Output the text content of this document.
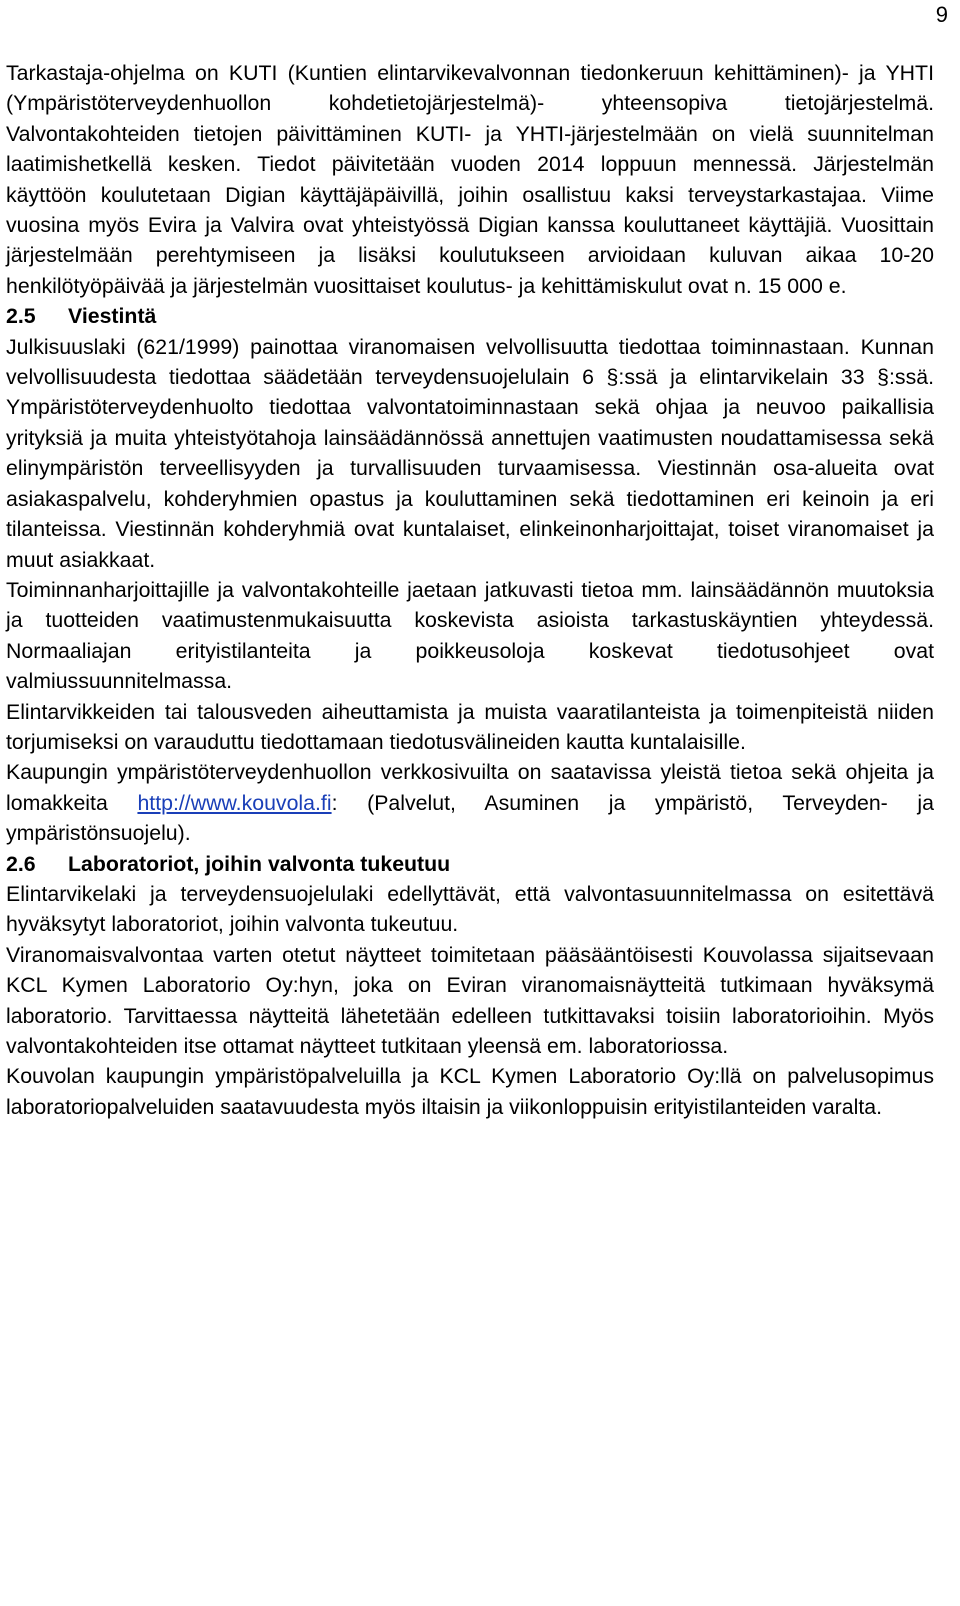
9

Tarkastaja-ohjelma on KUTI (Kuntien elintarvikevalvonnan tiedonkeruun kehittäminen)- ja YHTI (Ympäristöterveydenhuollon kohdetietojärjestelmä)- yhteensopiva tietojärjestelmä. Valvontakohteiden tietojen päivittäminen KUTI- ja YHTI-järjestelmään on vielä suunnitelman laatimishetkellä kesken. Tiedot päivitetään vuoden 2014 loppuun mennessä. Järjestelmän käyttöön koulutetaan Digian käyttäjäpäivillä, joihin osallistuu kaksi terveystarkastajaa. Viime vuosina myös Evira ja Valvira ovat yhteistyössä Digian kanssa kouluttaneet käyttäjiä. Vuosittain järjestelmään perehtymiseen ja lisäksi koulutukseen arvioidaan kuluvan aikaa 10-20 henkilötyöpäivää ja järjestelmän vuosittaiset koulutus- ja kehittämiskulut ovat n. 15 000 e.

2.5 Viestintä

Julkisuuslaki (621/1999) painottaa viranomaisen velvollisuutta tiedottaa toiminnastaan. Kunnan velvollisuudesta tiedottaa säädetään terveydensuojelulain 6 §:ssä ja elintarvikelain 33 §:ssä. Ympäristöterveydenhuolto tiedottaa valvontatoiminnastaan sekä ohjaa ja neuvoo paikallisia yrityksiä ja muita yhteistyötahoja lainsäädännössä annettujen vaatimusten noudattamisessa sekä elinympäristön terveellisyyden ja turvallisuuden turvaamisessa. Viestinnän osa-alueita ovat asiakaspalvelu, kohderyhmien opastus ja kouluttaminen sekä tiedottaminen eri keinoin ja eri tilanteissa. Viestinnän kohderyhmiä ovat kuntalaiset, elinkeinonharjoittajat, toiset viranomaiset ja muut asiakkaat.

Toiminnanharjoittajille ja valvontakohteille jaetaan jatkuvasti tietoa mm. lainsäädännön muutoksia ja tuotteiden vaatimustenmukaisuutta koskevista asioista tarkastuskäyntien yhteydessä. Normaaliajan erityistilanteita ja poikkeusoloja koskevat tiedotusohjeet ovat valmiussuunnitelmassa.

Elintarvikkeiden tai talousveden aiheuttamista ja muista vaaratilanteista ja toimenpiteistä niiden torjumiseksi on varauduttu tiedottamaan tiedotusvälineiden kautta kuntalaisille.

Kaupungin ympäristöterveydenhuollon verkkosivuilta on saatavissa yleistä tietoa sekä ohjeita ja lomakkeita http://www.kouvola.fi: (Palvelut, Asuminen ja ympäristö, Terveyden- ja ympäristönsuojelu).

2.6 Laboratoriot, joihin valvonta tukeutuu

Elintarvikelaki ja terveydensuojelulaki edellyttävät, että valvontasuunnitelmassa on esitettävä hyväksytyt laboratoriot, joihin valvonta tukeutuu.

Viranomaisvalvontaa varten otetut näytteet toimitetaan pääsääntöisesti Kouvolassa sijaitsevaan KCL Kymen Laboratorio Oy:hyn, joka on Eviran viranomaisnäytteitä tutkimaan hyväksymä laboratorio. Tarvittaessa näytteitä lähetetään edelleen tutkittavaksi toisiin laboratorioihin. Myös valvontakohteiden itse ottamat näytteet tutkitaan yleensä em. laboratoriossa.

Kouvolan kaupungin ympäristöpalveluilla ja KCL Kymen Laboratorio Oy:llä on palvelusopimus laboratoriopalveluiden saatavuudesta myös iltaisin ja viikonloppuisin erityistilanteiden varalta.
